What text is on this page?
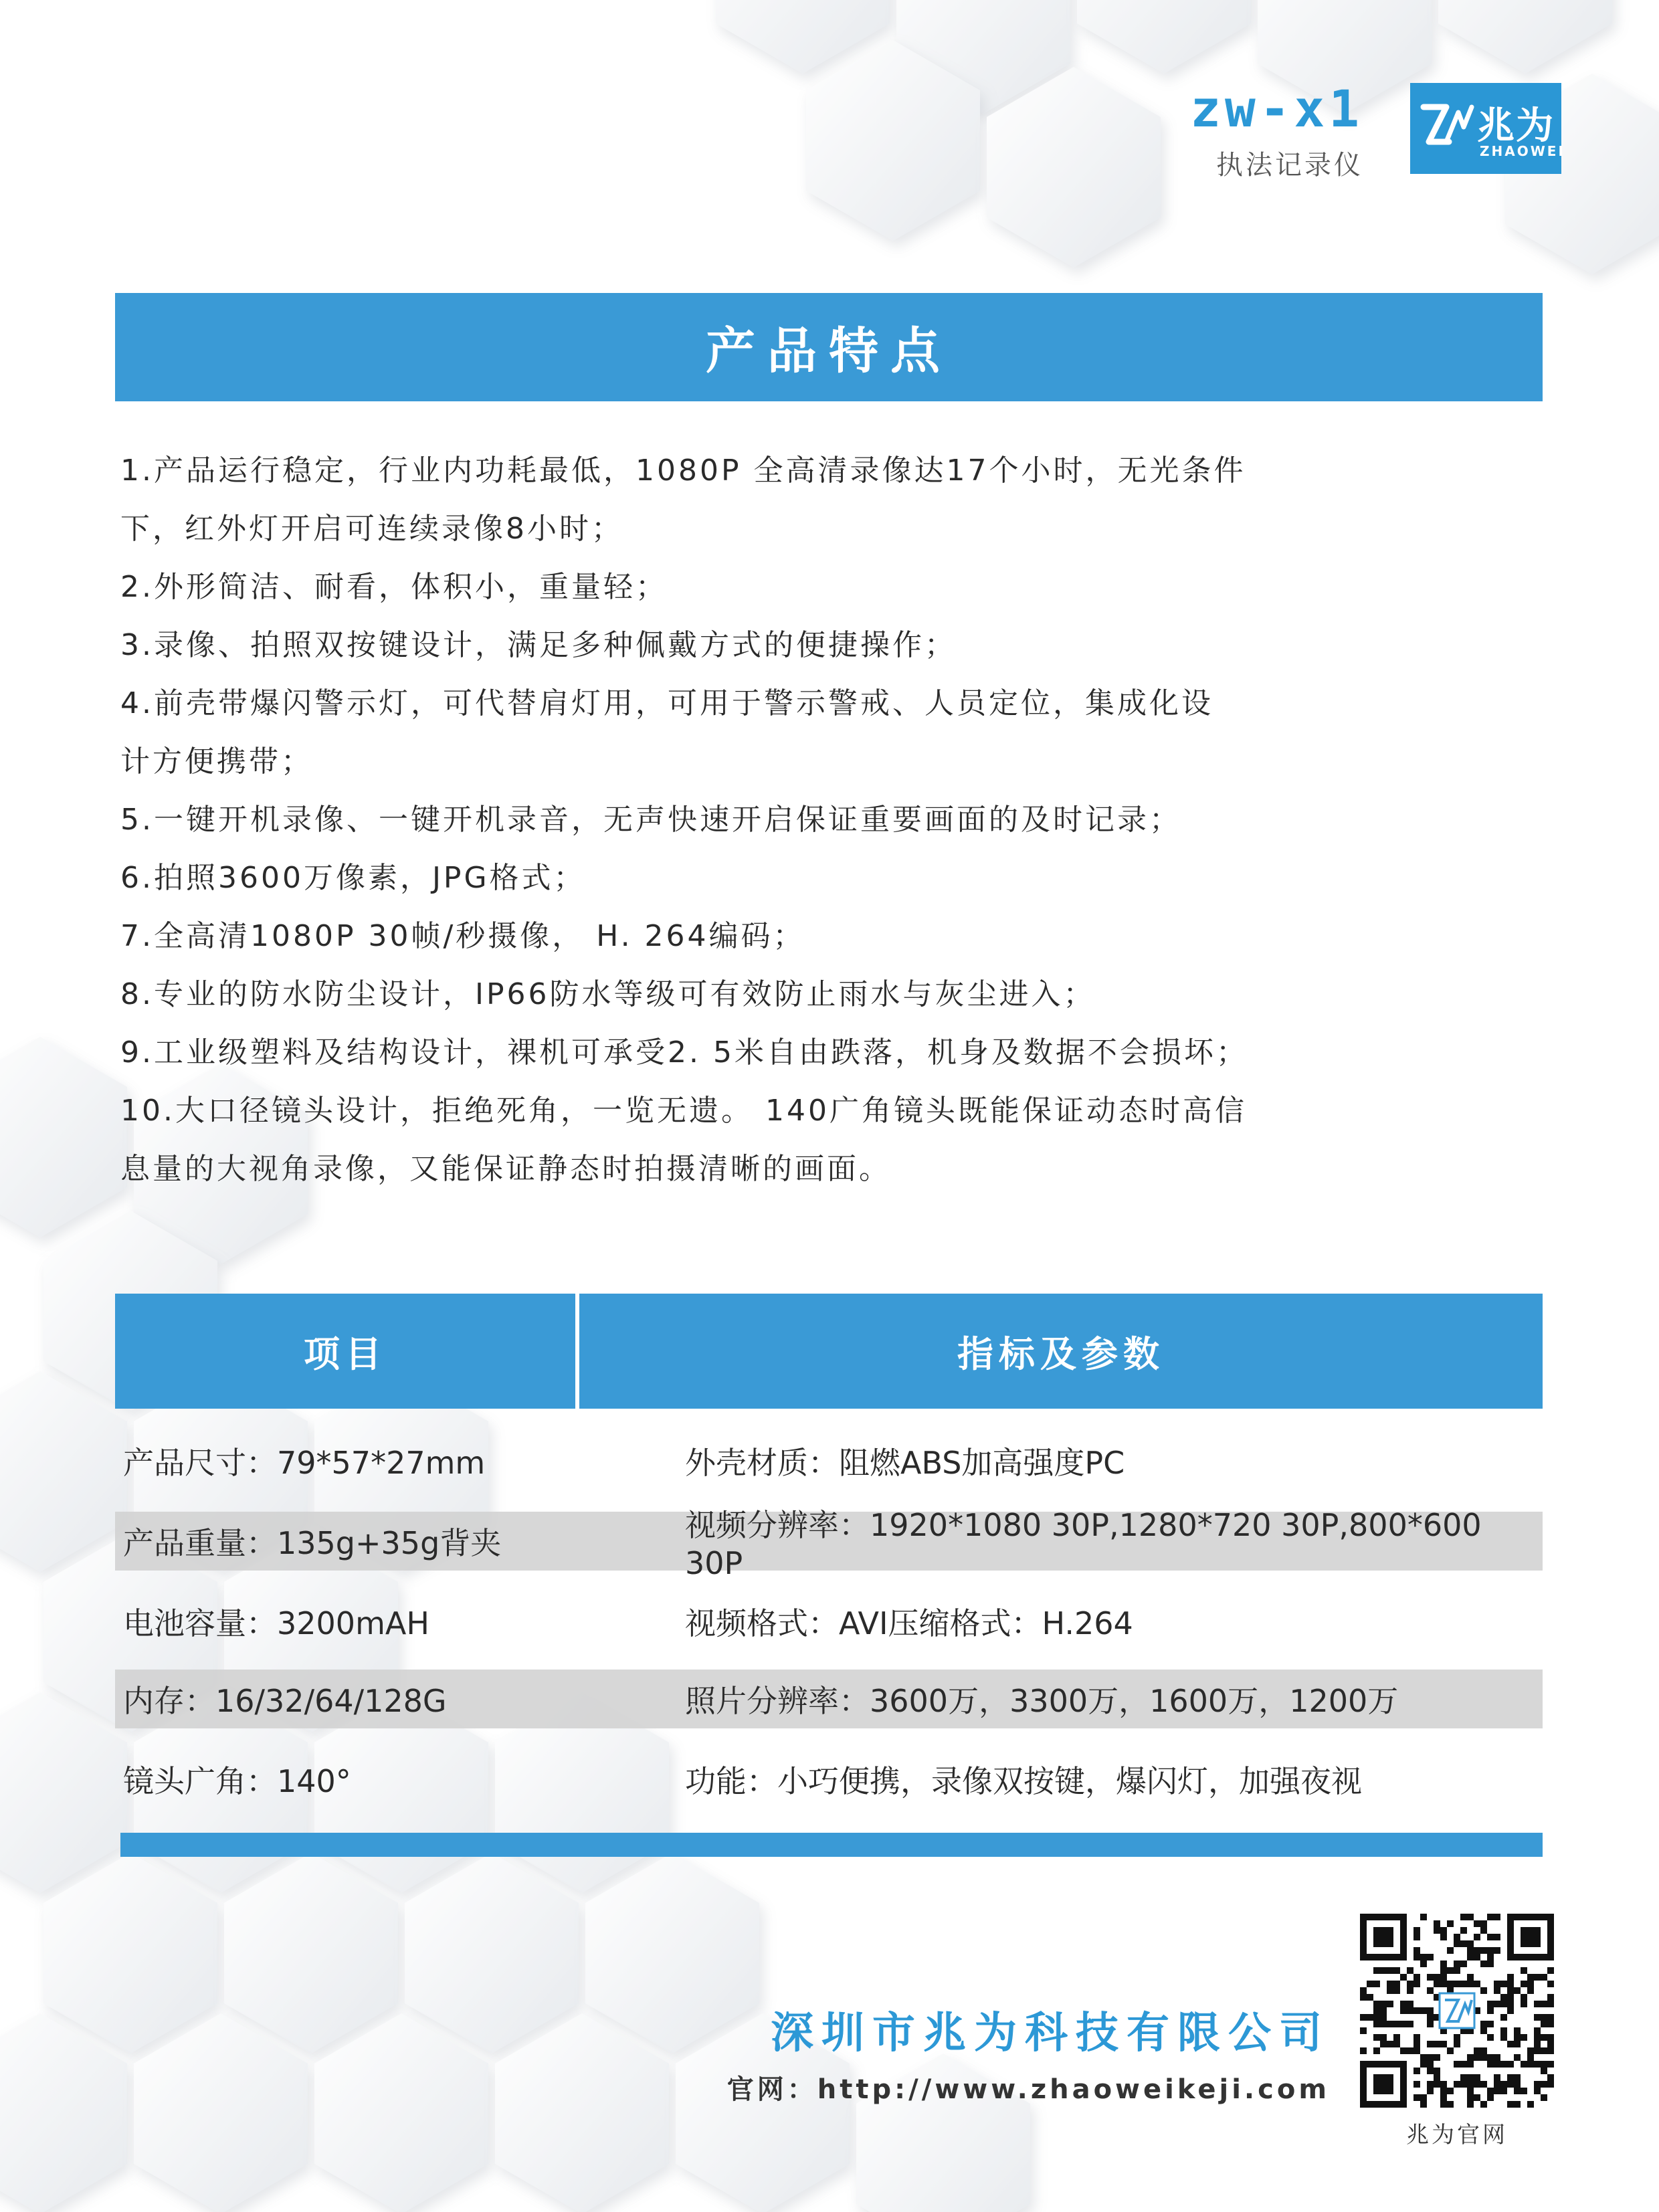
zw-x1
执法记录仪
兆为
ZHAOWEI
产品特点
1.产品运行稳定，行业内功耗最低，1080P 全高清录像达17个小时，无光条件
下，红外灯开启可连续录像8小时；
2.外形简洁、耐看，体积小，重量轻；
3.录像、拍照双按键设计，满足多种佩戴方式的便捷操作；
4.前壳带爆闪警示灯，可代替肩灯用，可用于警示警戒、人员定位，集成化设
计方便携带；
5.一键开机录像、一键开机录音，无声快速开启保证重要画面的及时记录；
6.拍照3600万像素，JPG格式；
7.全高清1080P 30帧/秒摄像， H. 264编码；
8.专业的防水防尘设计，IP66防水等级可有效防止雨水与灰尘进入；
9.工业级塑料及结构设计，裸机可承受2. 5米自由跌落，机身及数据不会损坏；
10.大口径镜头设计，拒绝死角，一览无遗。 140广角镜头既能保证动态时高信
息量的大视角录像，又能保证静态时拍摄清晰的画面。
项目	指标及参数
产品尺寸：79*57*27mm	外壳材质：阻燃ABS加高强度PC
产品重量：135g+35g背夹	视频分辨率：1920*1080 30P,1280*720 30P,800*600 30P
电池容量：3200mAH	视频格式：AVI压缩格式：H.264
内存：16/32/64/128G	照片分辨率：3600万，3300万，1600万，1200万
镜头广角：140°	功能：小巧便携，录像双按键，爆闪灯，加强夜视
深圳市兆为科技有限公司
官网：http://www.zhaoweikeji.com
兆为官网
